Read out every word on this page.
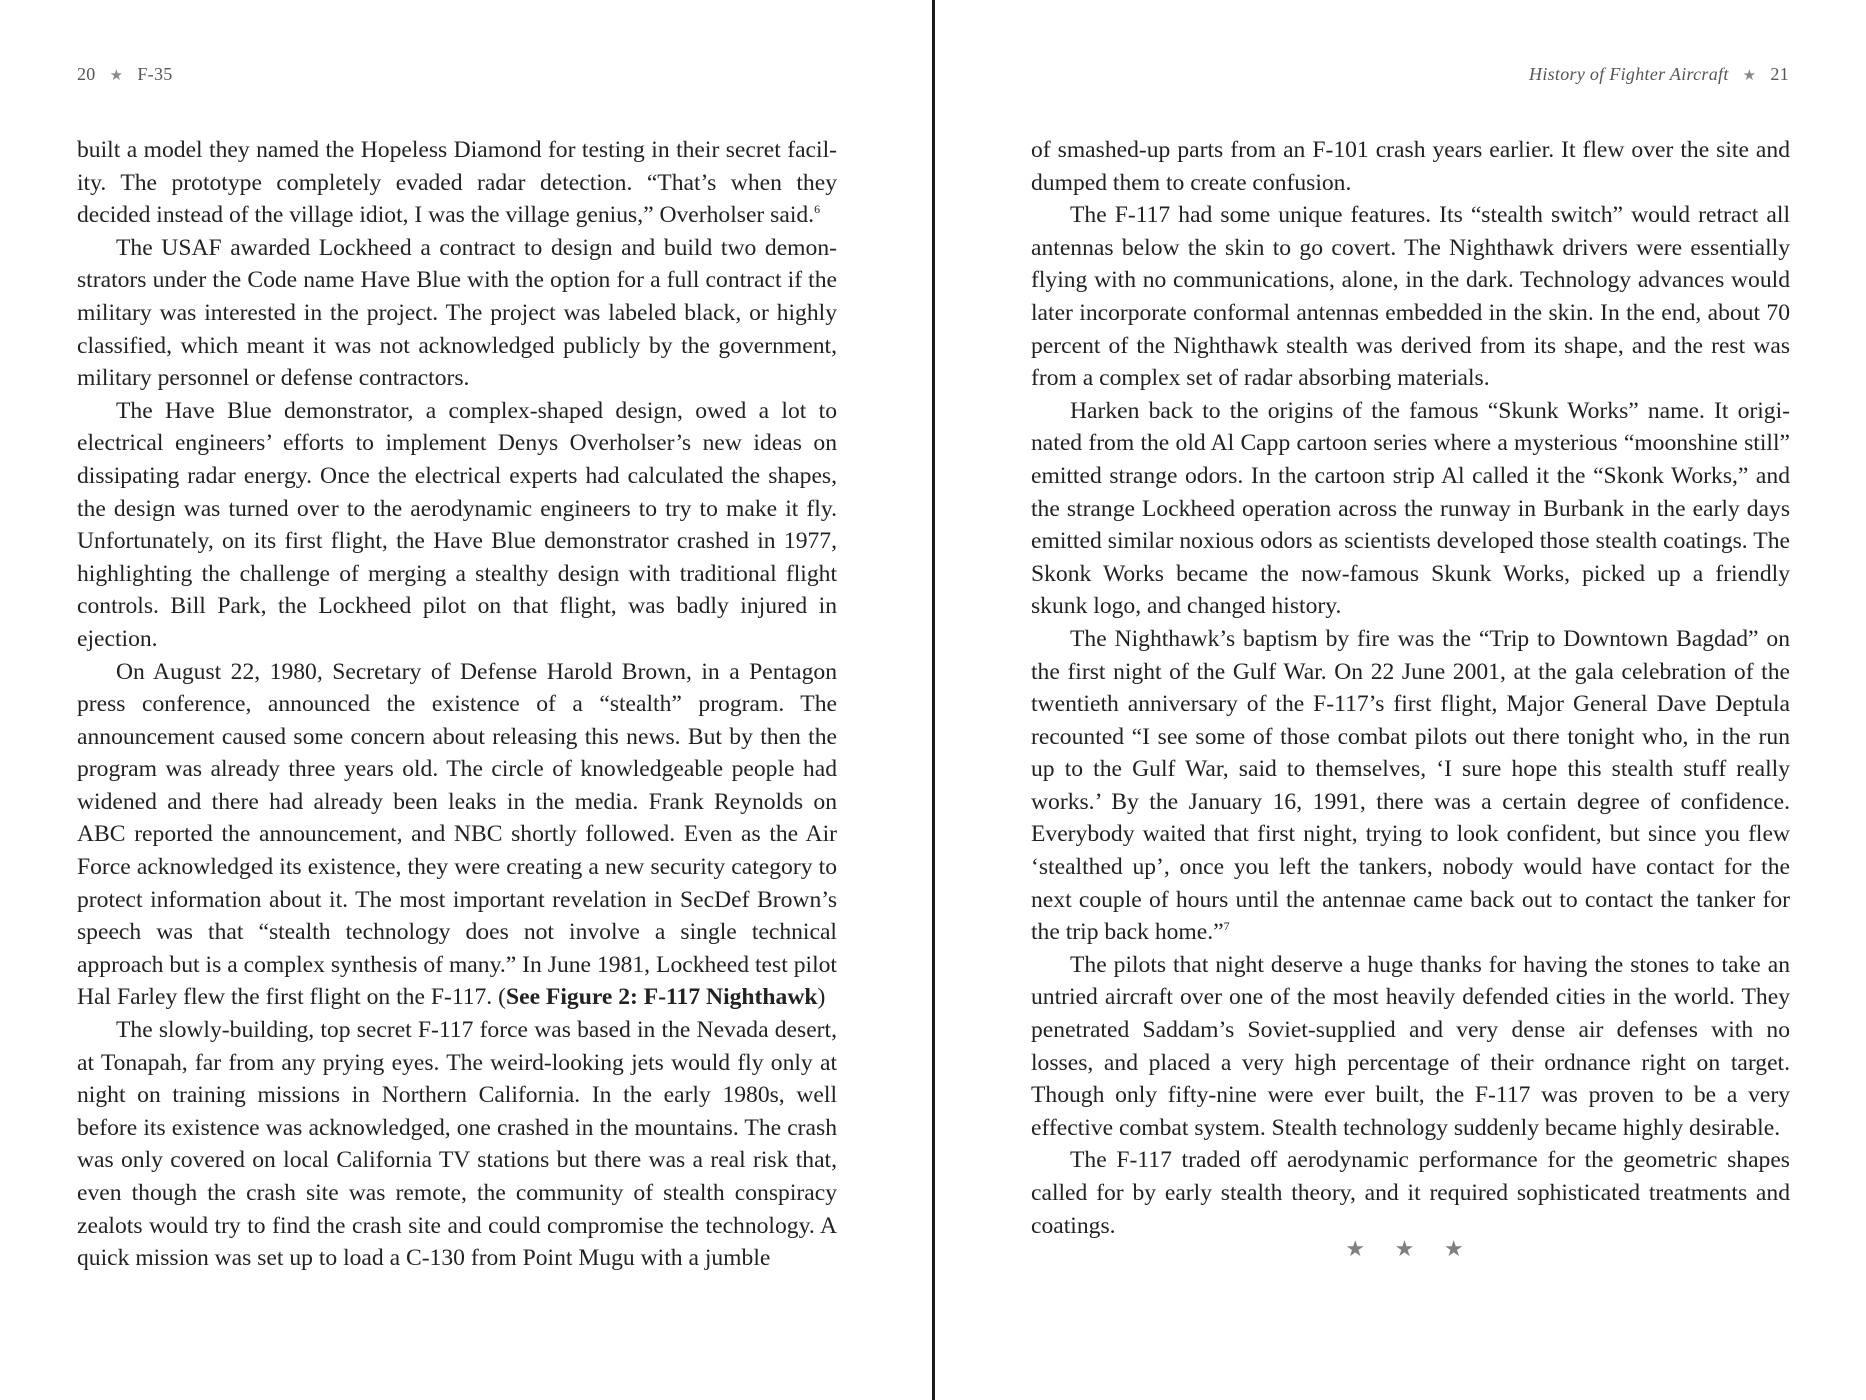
20 ★ F-35

built a model they named the Hopeless Diamond for testing in their secret facility. The prototype completely evaded radar detection. “That’s when they decided instead of the village idiot, I was the village genius,” Overholser said.$^6$

The USAF awarded Lockheed a contract to design and build two demonstrators under the Code name Have Blue with the option for a full contract if the military was interested in the project. The project was labeled black, or highly classified, which meant it was not acknowledged publicly by the government, military personnel or defense contractors.

The Have Blue demonstrator, a complex-shaped design, owed a lot to electrical engineers’ efforts to implement Denys Overholser’s new ideas on dissipating radar energy. Once the electrical experts had calculated the shapes, the design was turned over to the aerodynamic engineers to try to make it fly. Unfortunately, on its first flight, the Have Blue demonstrator crashed in 1977, highlighting the challenge of merging a stealthy design with traditional flight controls. Bill Park, the Lockheed pilot on that flight, was badly injured in ejection.

On August 22, 1980, Secretary of Defense Harold Brown, in a Pentagon press conference, announced the existence of a “stealth” program. The announcement caused some concern about releasing this news. But by then the program was already three years old. The circle of knowledgeable people had widened and there had already been leaks in the media. Frank Reynolds on ABC reported the announcement, and NBC shortly followed. Even as the Air Force acknowledged its existence, they were creating a new security category to protect information about it. The most important revelation in SecDef Brown’s speech was that “stealth technology does not involve a single technical approach but is a complex synthesis of many.” In June 1981, Lockheed test pilot Hal Farley flew the first flight on the F-117. (See Figure 2: F-117 Nighthawk)

The slowly-building, top secret F-117 force was based in the Nevada desert, at Tonapah, far from any prying eyes. The weird-looking jets would fly only at night on training missions in Northern California. In the early 1980s, well before its existence was acknowledged, one crashed in the mountains. The crash was only covered on local California TV stations but there was a real risk that, even though the crash site was remote, the community of stealth conspiracy zealots would try to find the crash site and could compromise the technology. A quick mission was set up to load a C-130 from Point Mugu with a jumble

History of Fighter Aircraft ★ 21

of smashed-up parts from an F-101 crash years earlier. It flew over the site and dumped them to create confusion.

The F-117 had some unique features. Its “stealth switch” would retract all antennas below the skin to go covert. The Nighthawk drivers were essentially flying with no communications, alone, in the dark. Technology advances would later incorporate conformal antennas embedded in the skin. In the end, about 70 percent of the Nighthawk stealth was derived from its shape, and the rest was from a complex set of radar absorbing materials.

Harken back to the origins of the famous “Skunk Works” name. It originated from the old Al Capp cartoon series where a mysterious “moonshine still” emitted strange odors. In the cartoon strip Al called it the “Skonk Works,” and the strange Lockheed operation across the runway in Burbank in the early days emitted similar noxious odors as scientists developed those stealth coatings. The Skonk Works became the now-famous Skunk Works, picked up a friendly skunk logo, and changed history.

The Nighthawk’s baptism by fire was the “Trip to Downtown Bagdad” on the first night of the Gulf War. On 22 June 2001, at the gala celebration of the twentieth anniversary of the F-117’s first flight, Major General Dave Deptula recounted “I see some of those combat pilots out there tonight who, in the run up to the Gulf War, said to themselves, ‘I sure hope this stealth stuff really works.’ By the January 16, 1991, there was a certain degree of confidence. Everybody waited that first night, trying to look confident, but since you flew ‘stealthed up’, once you left the tankers, nobody would have contact for the next couple of hours until the antennae came back out to contact the tanker for the trip back home.”$^7$

The pilots that night deserve a huge thanks for having the stones to take an untried aircraft over one of the most heavily defended cities in the world. They penetrated Saddam’s Soviet-supplied and very dense air defenses with no losses, and placed a very high percentage of their ordnance right on target. Though only fifty-nine were ever built, the F-117 was proven to be a very effective combat system. Stealth technology suddenly became highly desirable.

The F-117 traded off aerodynamic performance for the geometric shapes called for by early stealth theory, and it required sophisticated treatments and coatings.

★ ★ ★
